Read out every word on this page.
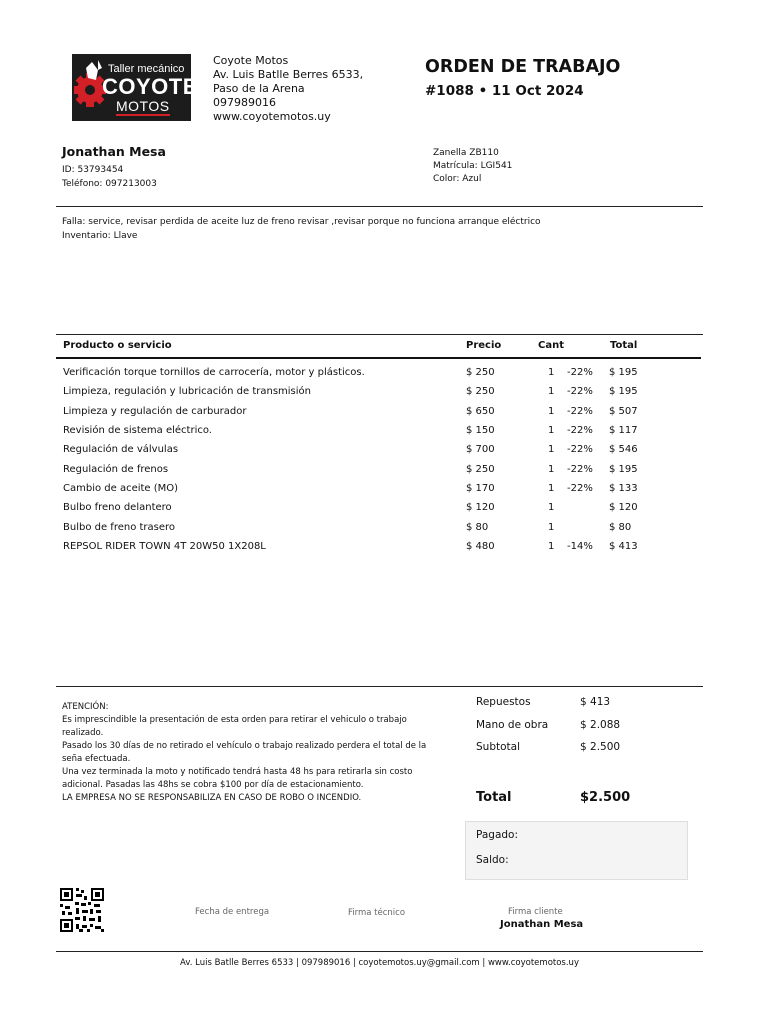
Taller mecánico
COYOTE
MOTOS
Coyote Motos
Av. Luis Batlle Berres 6533, Paso de la Arena
097989016
www.coyotemotos.uy
ORDEN DE TRABAJO
#1088 • 11 Oct 2024
Jonathan Mesa
ID: 53793454
Teléfono: 097213003
Zanella ZB110
Matrícula: LGI541
Color: Azul
Falla: service, revisar perdida de aceite luz de freno revisar ,revisar porque no funciona arranque eléctrico
Inventario: Llave
Producto o servicio	Precio	Cant	Total
Verificación torque tornillos de carrocería, motor y plásticos.	$ 250	1 -22% $ 195
Limpieza, regulación y lubricación de transmisión	$ 250	1 -22% $ 195
Limpieza y regulación de carburador	$ 650	1 -22% $ 507
Revisión de sistema eléctrico.	$ 150	1 -22% $ 117
Regulación de válvulas	$ 700	1 -22% $ 546
Regulación de frenos	$ 250	1 -22% $ 195
Cambio de aceite (MO)	$ 170	1 -22% $ 133
Bulbo freno delantero	$ 120	1	$ 120
Bulbo de freno trasero	$ 80	1	$ 80
REPSOL RIDER TOWN 4T 20W50 1X208L	$ 480	1 -14% $ 413
ATENCIÓN:
Es imprescindible la presentación de esta orden para retirar el vehiculo o trabajo realizado.
Pasado los 30 días de no retirado el vehículo o trabajo realizado perdera el total de la seña efectuada.
Una vez terminada la moto y notificado tendrá hasta 48 hs para retirarla sin costo adicional. Pasadas las 48hs se cobra $100 por día de estacionamiento.
LA EMPRESA NO SE RESPONSABILIZA EN CASO DE ROBO O INCENDIO.
Repuestos	$ 413
Mano de obra	$ 2.088
Subtotal	$ 2.500
Total	$2.500
Pagado:
Saldo:
Fecha de entrega	Firma técnico	Firma cliente
Jonathan Mesa
Av. Luis Batlle Berres 6533 | 097989016 | coyotemotos.uy@gmail.com | www.coyotemotos.uy
